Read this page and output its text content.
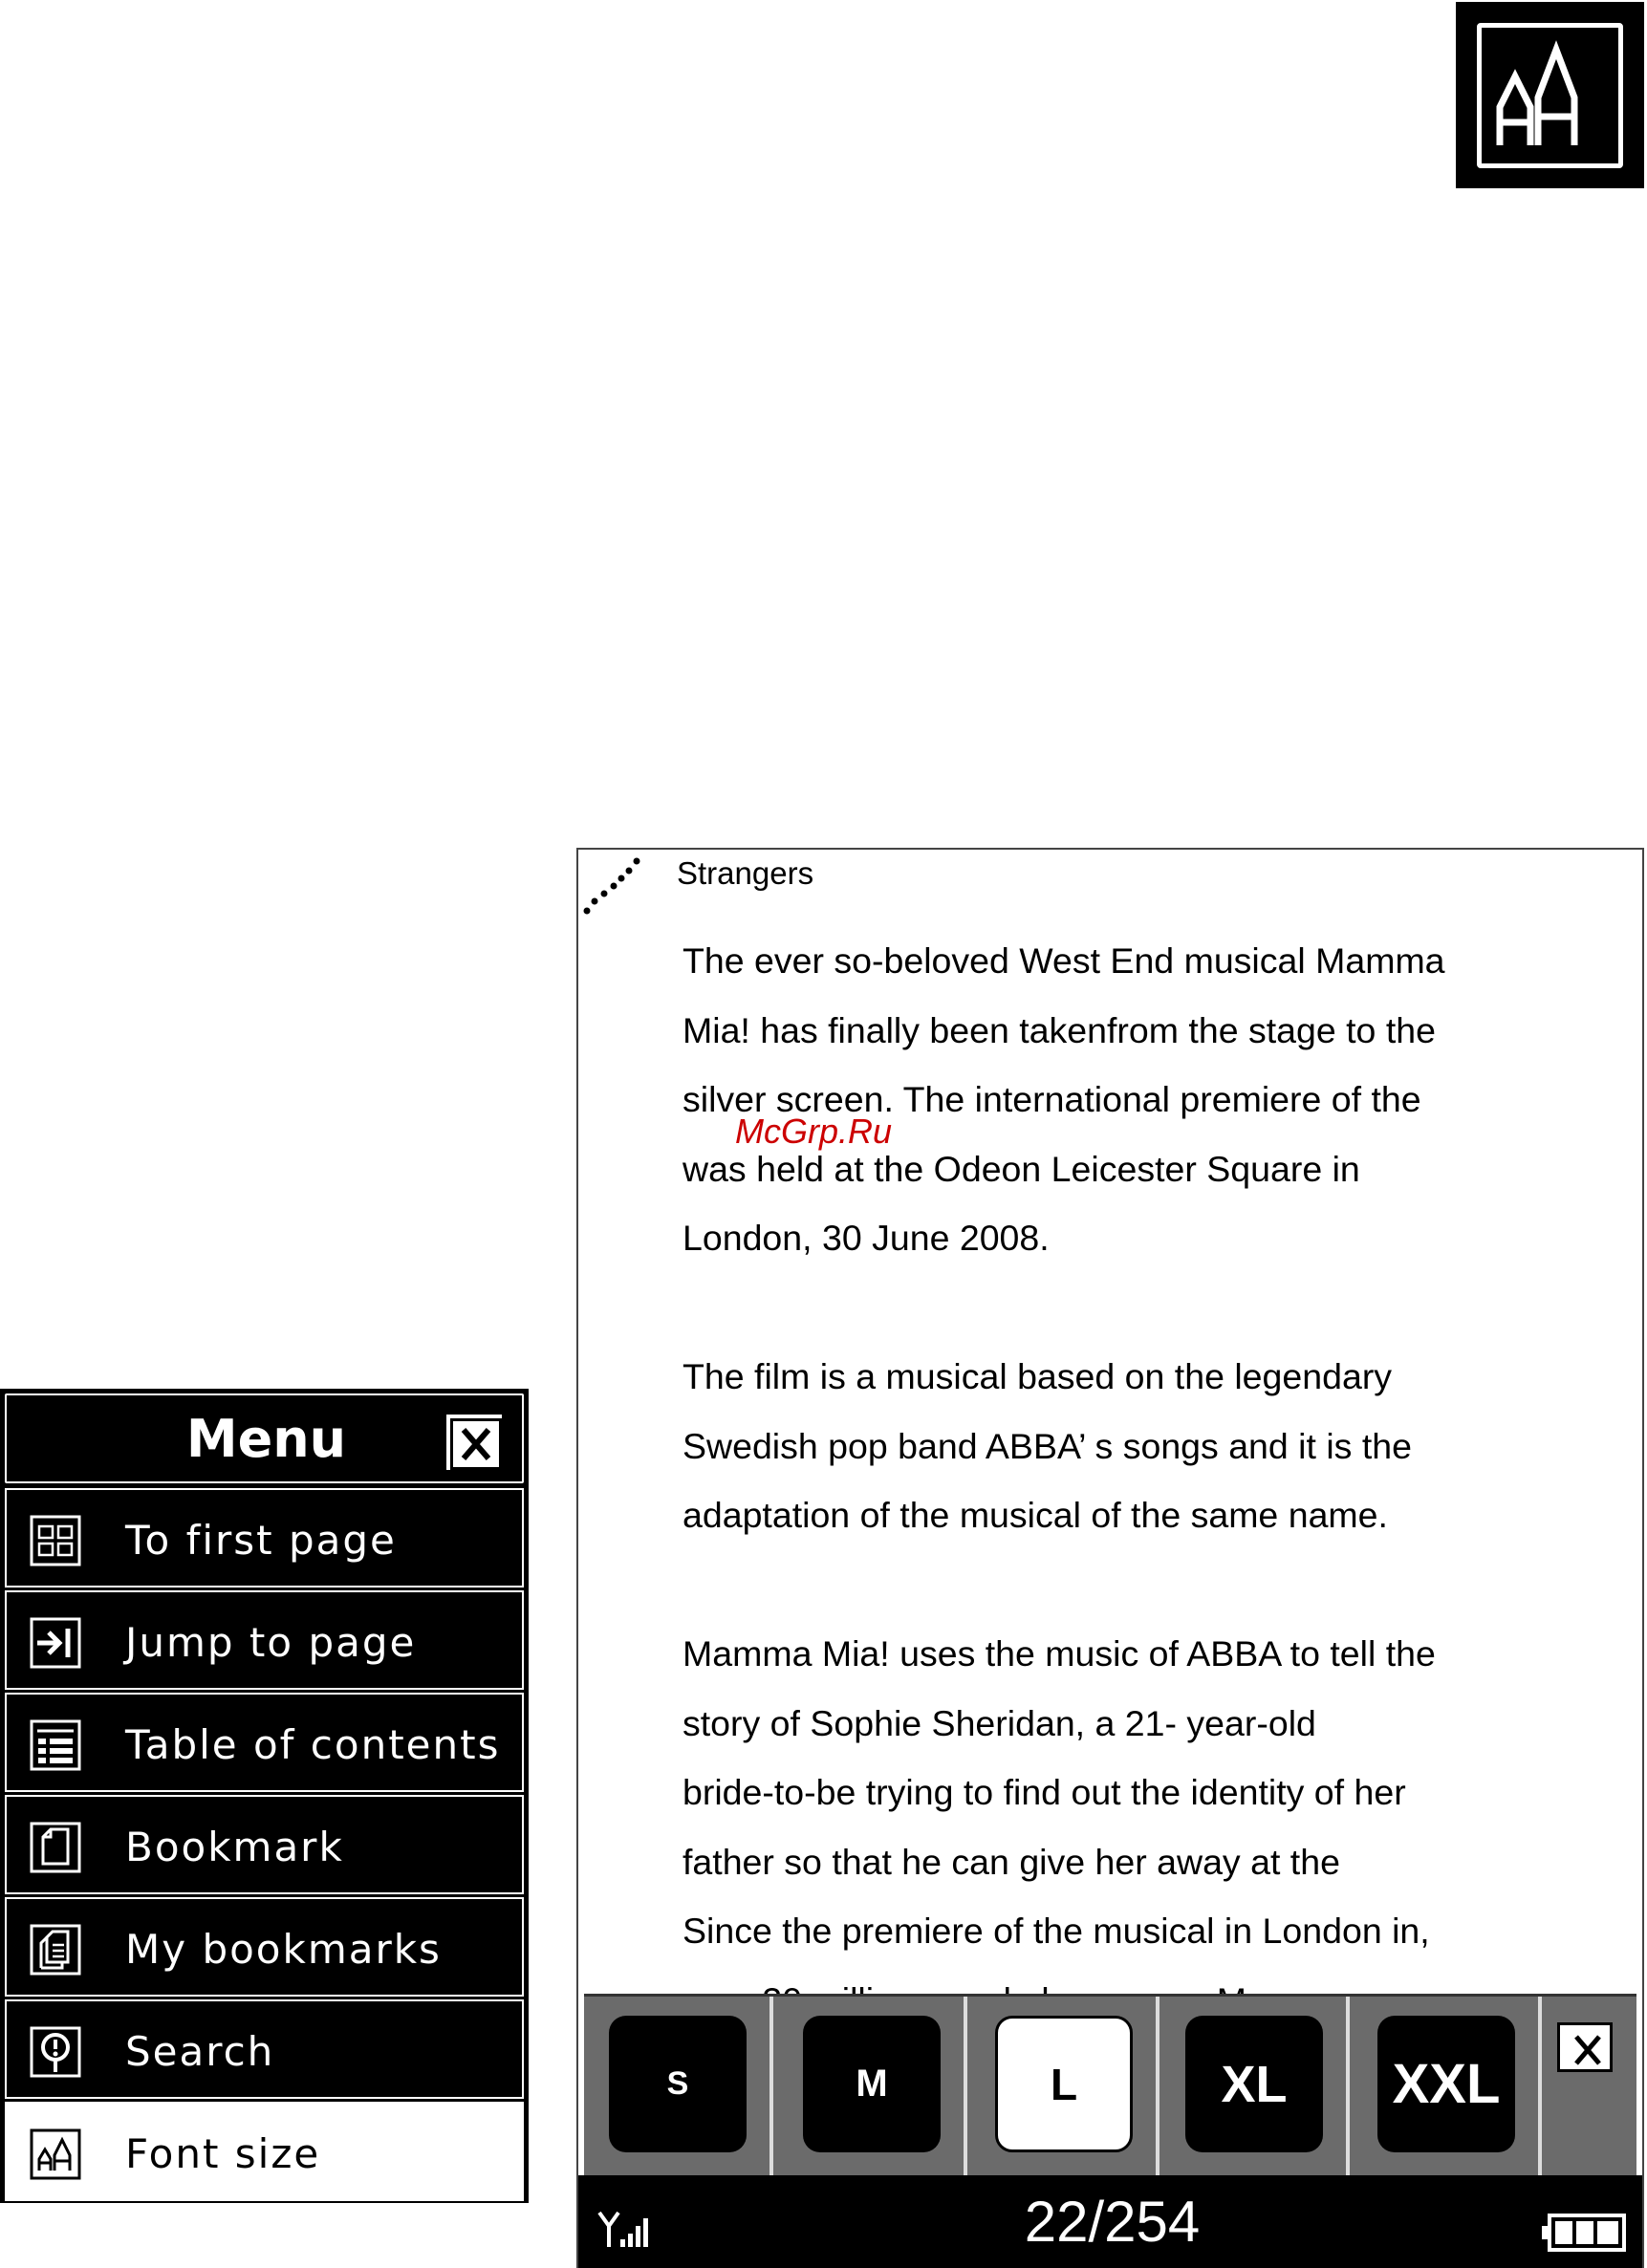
Menu
To first page
Jump to page
Table of contents
Bookmark
My bookmarks
Search
Font size
Strangers

The ever so-beloved West End musical Mamma
Mia! has finally been takenfrom the stage to the
silver screen. The international premiere of the
was held at the Odeon Leicester Square in
London, 30 June 2008.

The film is a musical based on the legendary
Swedish pop band ABBA’ s songs and it is the
adaptation of the musical of the same name.

Mamma Mia! uses the music of ABBA to tell the
story of Sophie Sheridan, a 21- year-old
bride-to-be trying to find out the identity of her
father so that he can give her away at the
Since the premiere of the musical in London in,

McGrp.Ru
S	M	L	XL	XXL
22/254
